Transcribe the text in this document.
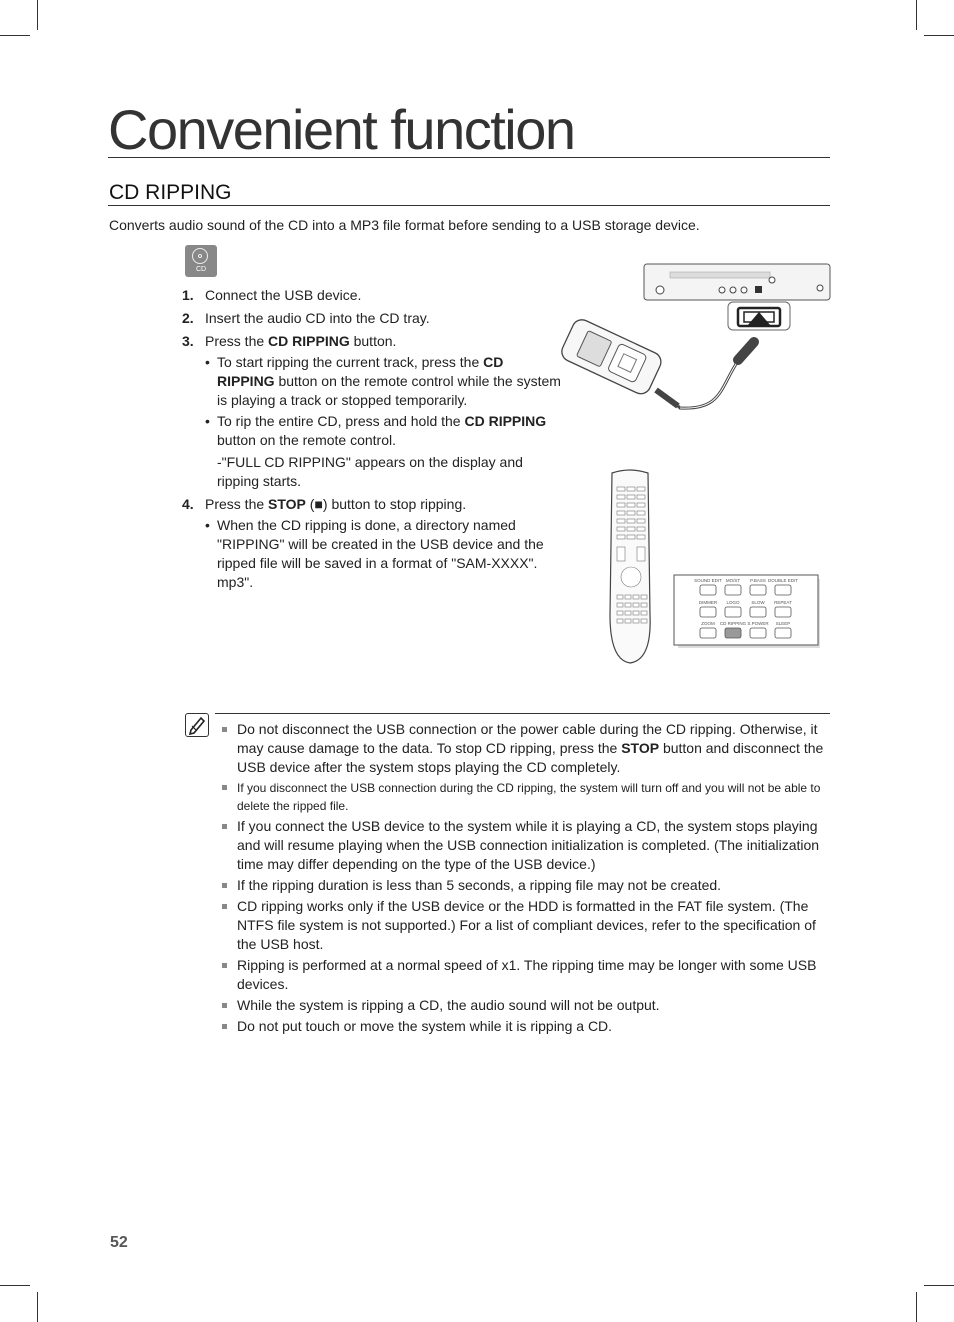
Convenient function
CD RIPPING
Converts audio sound of the CD into a MP3 file format before sending to a USB storage device.
CD
1. Connect the USB device.
2. Insert the audio CD into the CD tray.
3. Press the CD RIPPING button.
• To start ripping the current track, press the CD RIPPING button on the remote control while the system is playing a track or stopped temporarily.
• To rip the entire CD, press and hold the CD RIPPING button on the remote control.
-"FULL CD RIPPING" appears on the display and ripping starts.
4. Press the STOP (■) button to stop ripping.
• When the CD ripping is done, a directory named "RIPPING" will be created in the USB device and the ripped file will be saved in a format of "SAM-XXXX". mp3".	SOUND EDIT MO/ST P.BASS DOUBLE EDIT
DIMMER LOGO	SLOW REPEAT
ZOOM CD RIPPING S.POWER SLEEP
Do not disconnect the USB connection or the power cable during the CD ripping. Otherwise, it may cause damage to the data. To stop CD ripping, press the STOP button and disconnect the USB device after the system stops playing the CD completely.
If you disconnect the USB connection during the CD ripping, the system will turn off and you will not be able to delete the ripped file.
If you connect the USB device to the system while it is playing a CD, the system stops playing and will resume playing when the USB connection initialization is completed. (The initialization time may differ depending on the type of the USB device.)
If the ripping duration is less than 5 seconds, a ripping file may not be created.
CD ripping works only if the USB device or the HDD is formatted in the FAT file system. (The NTFS file system is not supported.) For a list of compliant devices, refer to the specification of the USB host.
Ripping is performed at a normal speed of x1. The ripping time may be longer with some USB devices.
While the system is ripping a CD, the audio sound will not be output.
Do not put touch or move the system while it is ripping a CD.
52
